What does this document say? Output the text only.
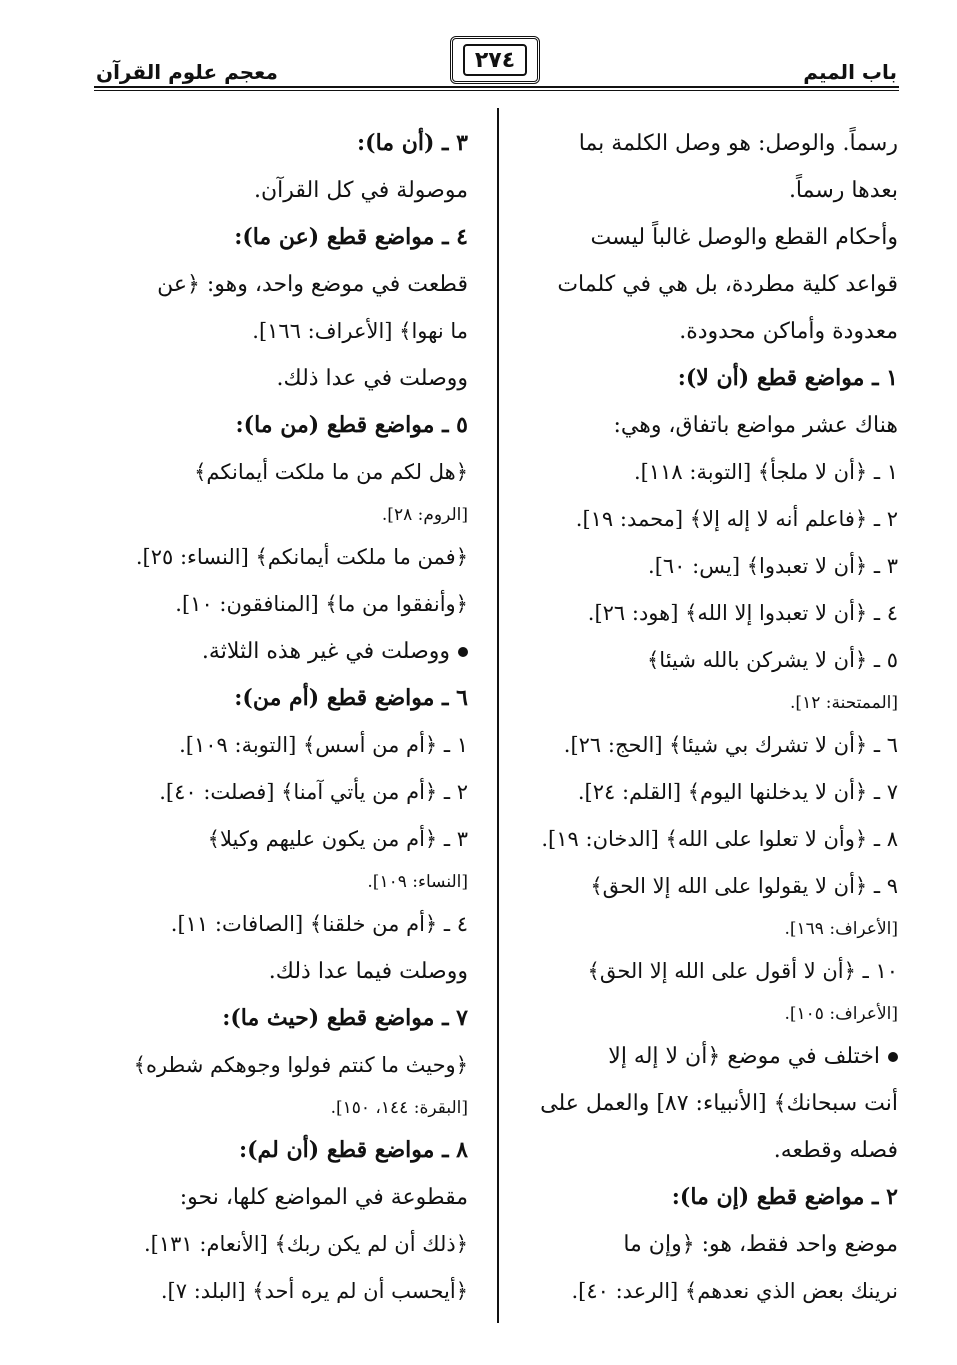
باب الميم
٢٧٤
معجم علوم القرآن
رسماً. والوصل: هو وصل الكلمة بما
بعدها رسماً.
وأحكام القطع والوصل غالباً ليست
قواعد كلية مطردة، بل هي في كلمات
معدودة وأماكن محدودة.
١ ـ مواضع قطع (أن لا):
هناك عشر مواضع باتفاق، وهي:
١ ـ ﴿أن لا ملجأ﴾ [التوبة: ١١٨].
٢ ـ ﴿فاعلم أنه لا إله إلا﴾ [محمد: ١٩].
٣ ـ ﴿أن لا تعبدوا﴾ [يس: ٦٠].
٤ ـ ﴿أن لا تعبدوا إلا الله﴾ [هود: ٢٦].
٥ ـ ﴿أن لا يشركن بالله شيئا﴾
[الممتحنة: ١٢].
٦ ـ ﴿أن لا تشرك بي شيئا﴾ [الحج: ٢٦].
٧ ـ ﴿أن لا يدخلنها اليوم﴾ [القلم: ٢٤].
٨ ـ ﴿وأن لا تعلوا على الله﴾ [الدخان: ١٩].
٩ ـ ﴿أن لا يقولوا على الله إلا الحق﴾
[الأعراف: ١٦٩].
١٠ ـ ﴿أن لا أقول على الله إلا الحق﴾
[الأعراف: ١٠٥].
اختلف في موضع ﴿أن لا إله إلا
أنت سبحانك﴾ [الأنبياء: ٨٧] والعمل على
فصله وقطعه.
٢ ـ مواضع قطع (إن ما):
موضع واحد فقط، هو: ﴿وإن ما
نرينك بعض الذي نعدهم﴾ [الرعد: ٤٠].
٣ ـ (أن ما):
موصولة في كل القرآن.
٤ ـ مواضع قطع (عن ما):
قطعت في موضع واحد، وهو: ﴿عن
ما نهوا﴾ [الأعراف: ١٦٦].
ووصلت في عدا ذلك.
٥ ـ مواضع قطع (من ما):
﴿هل لكم من ما ملكت أيمانكم﴾
[الروم: ٢٨].
﴿فمن ما ملكت أيمانكم﴾ [النساء: ٢٥].
﴿وأنفقوا من ما﴾ [المنافقون: ١٠].
ووصلت في غير هذه الثلاثة.
٦ ـ مواضع قطع (أم من):
١ ـ ﴿أم من أسس﴾ [التوبة: ١٠٩].
٢ ـ ﴿أم من يأتي آمنا﴾ [فصلت: ٤٠].
٣ ـ ﴿أم من يكون عليهم وكيلا﴾
[النساء: ١٠٩].
٤ ـ ﴿أم من خلقنا﴾ [الصافات: ١١].
ووصلت فيما عدا ذلك.
٧ ـ مواضع قطع (حيث ما):
﴿وحيث ما كنتم فولوا وجوهكم شطره﴾
[البقرة: ١٤٤، ١٥٠].
٨ ـ مواضع قطع (أن لم):
مقطوعة في المواضع كلها، نحو:
﴿ذلك أن لم يكن ربك﴾ [الأنعام: ١٣١].
﴿أيحسب أن لم يره أحد﴾ [البلد: ٧].
